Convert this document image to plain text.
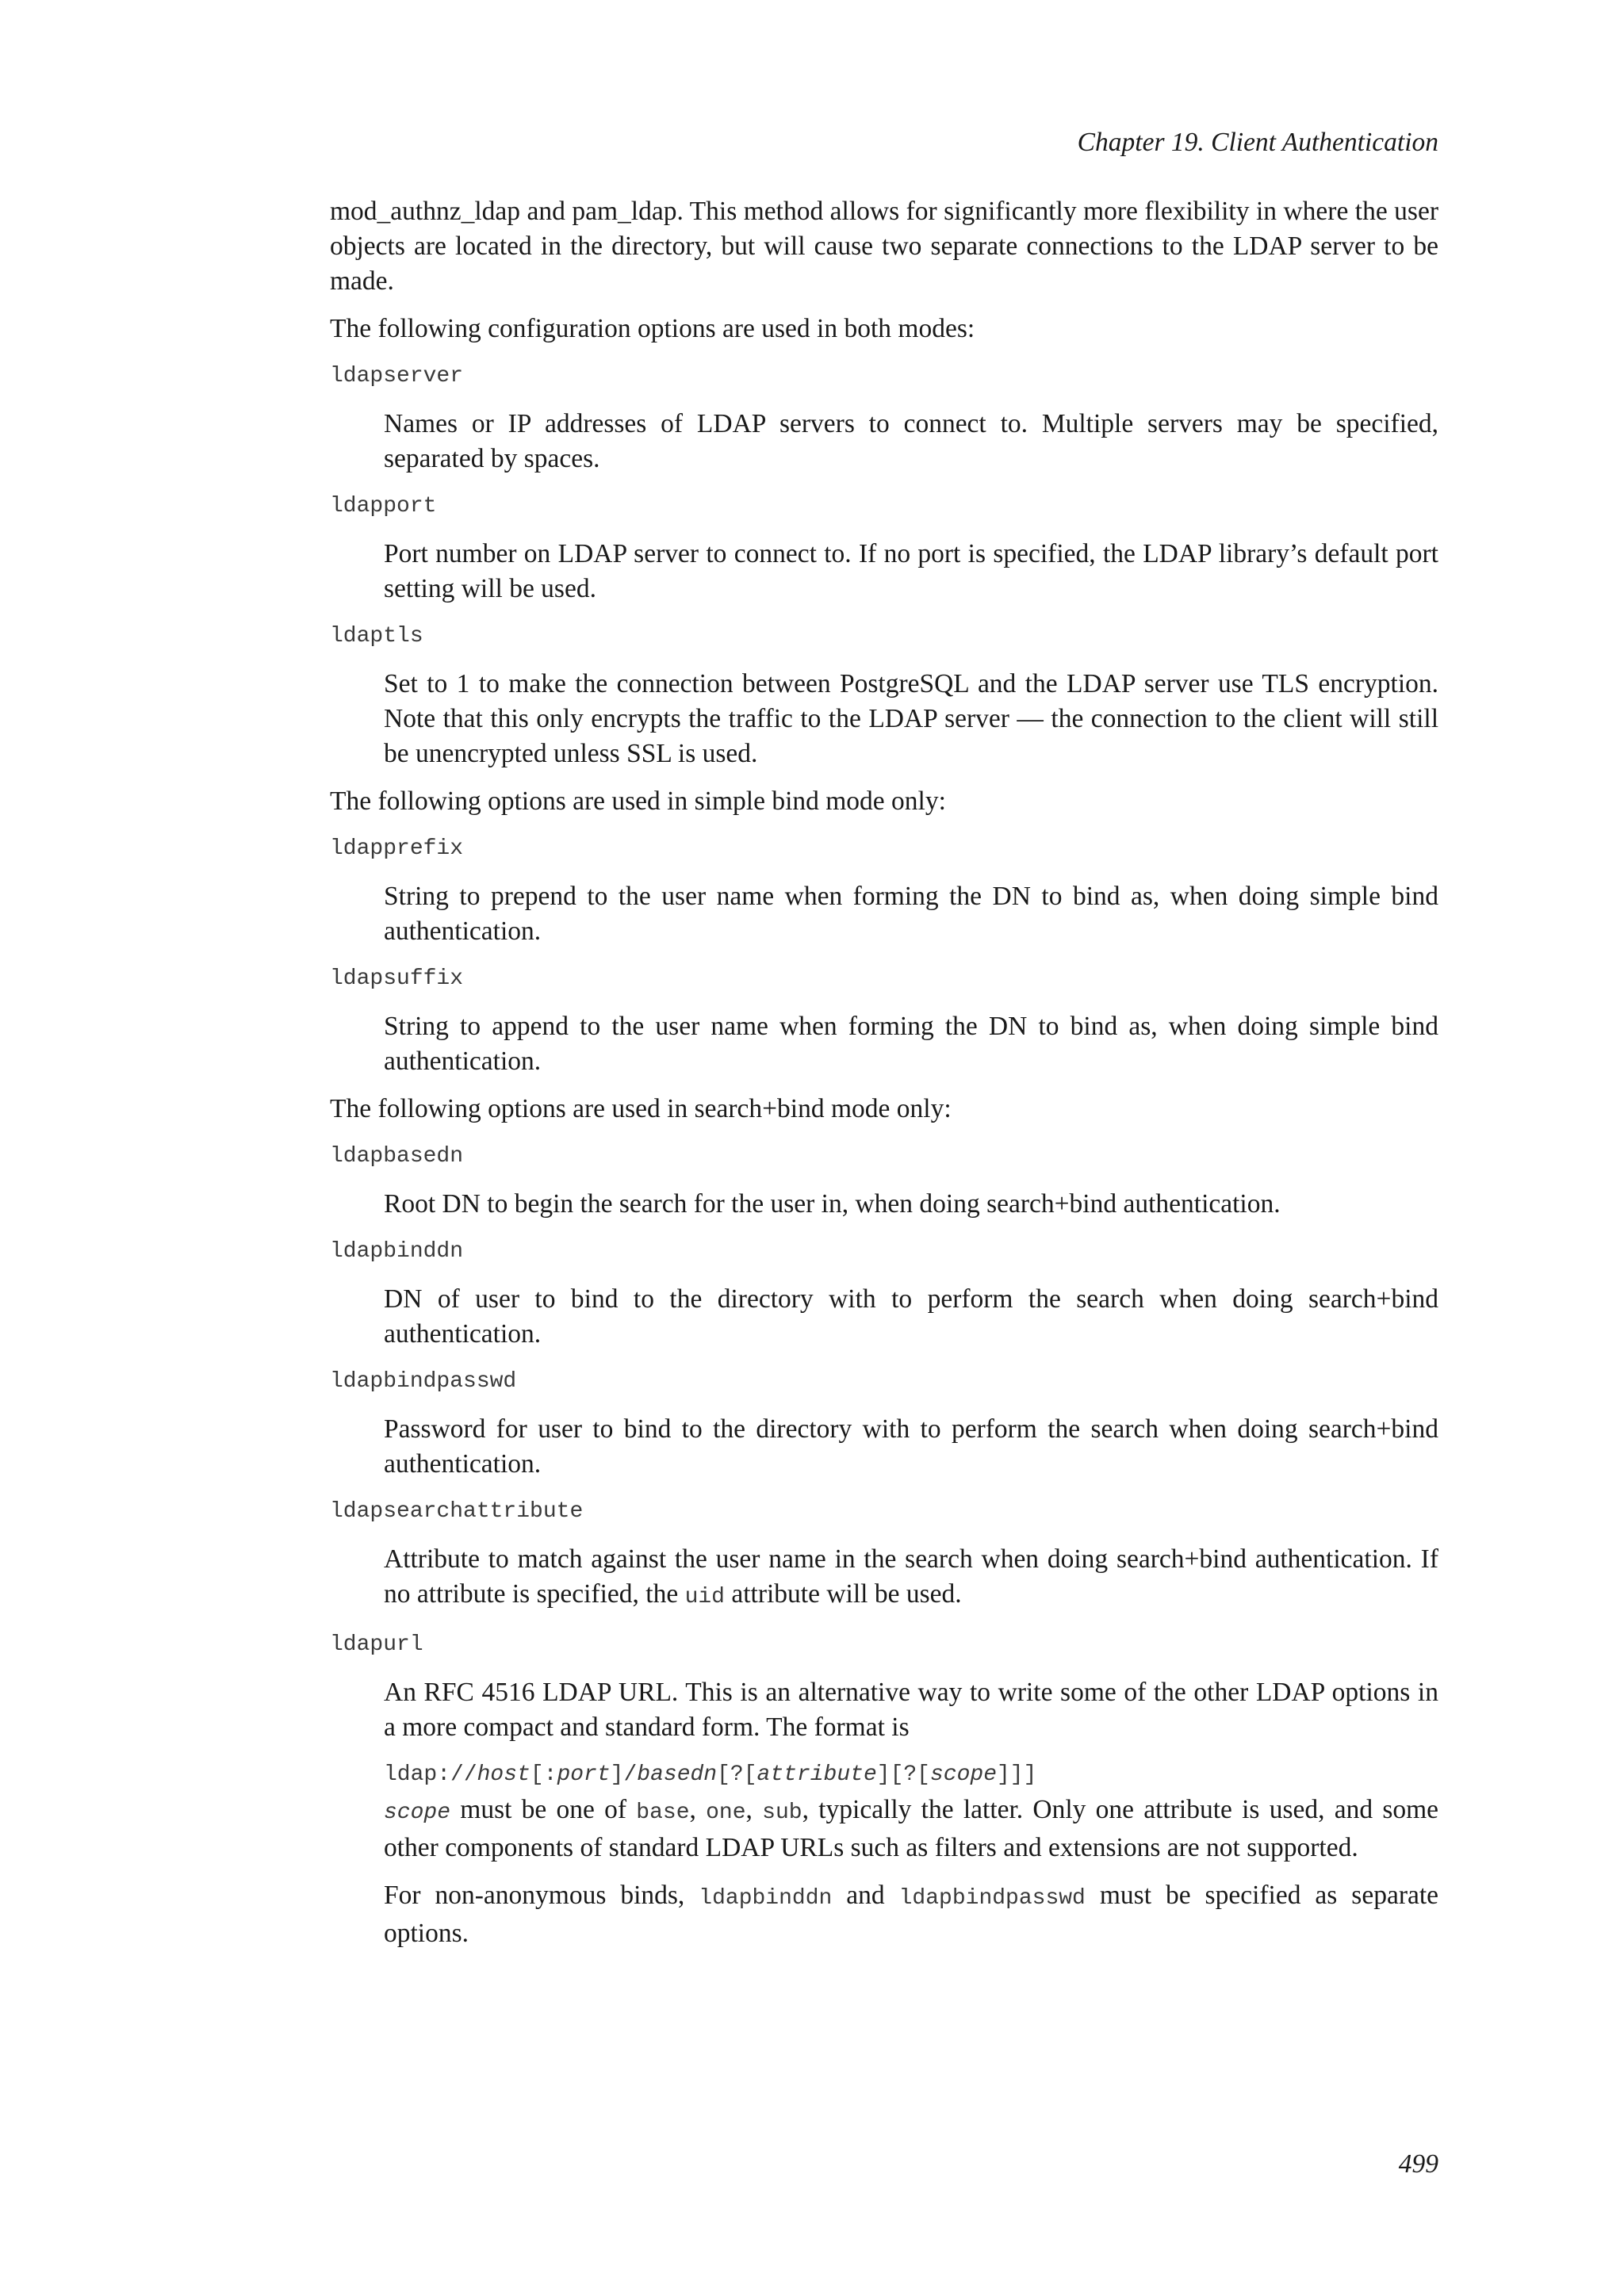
Chapter 19. Client Authentication

mod_authnz_ldap and pam_ldap. This method allows for significantly more flexibility in where the user objects are located in the directory, but will cause two separate connections to the LDAP server to be made.

The following configuration options are used in both modes:

ldapserver

Names or IP addresses of LDAP servers to connect to. Multiple servers may be specified, separated by spaces.

ldapport

Port number on LDAP server to connect to. If no port is specified, the LDAP library’s default port setting will be used.

ldaptls

Set to 1 to make the connection between PostgreSQL and the LDAP server use TLS encryption. Note that this only encrypts the traffic to the LDAP server — the connection to the client will still be unencrypted unless SSL is used.

The following options are used in simple bind mode only:

ldapprefix

String to prepend to the user name when forming the DN to bind as, when doing simple bind authentication.

ldapsuffix

String to append to the user name when forming the DN to bind as, when doing simple bind authentication.

The following options are used in search+bind mode only:

ldapbasedn

Root DN to begin the search for the user in, when doing search+bind authentication.

ldapbinddn

DN of user to bind to the directory with to perform the search when doing search+bind authentication.

ldapbindpasswd

Password for user to bind to the directory with to perform the search when doing search+bind authentication.

ldapsearchattribute

Attribute to match against the user name in the search when doing search+bind authentication. If no attribute is specified, the uid attribute will be used.

ldapurl

An RFC 4516 LDAP URL. This is an alternative way to write some of the other LDAP options in a more compact and standard form. The format is

ldap://host[:port]/basedn[?[attribute][?[scope]]]

scope must be one of base, one, sub, typically the latter. Only one attribute is used, and some other components of standard LDAP URLs such as filters and extensions are not supported.

For non-anonymous binds, ldapbinddn and ldapbindpasswd must be specified as separate options.

499
